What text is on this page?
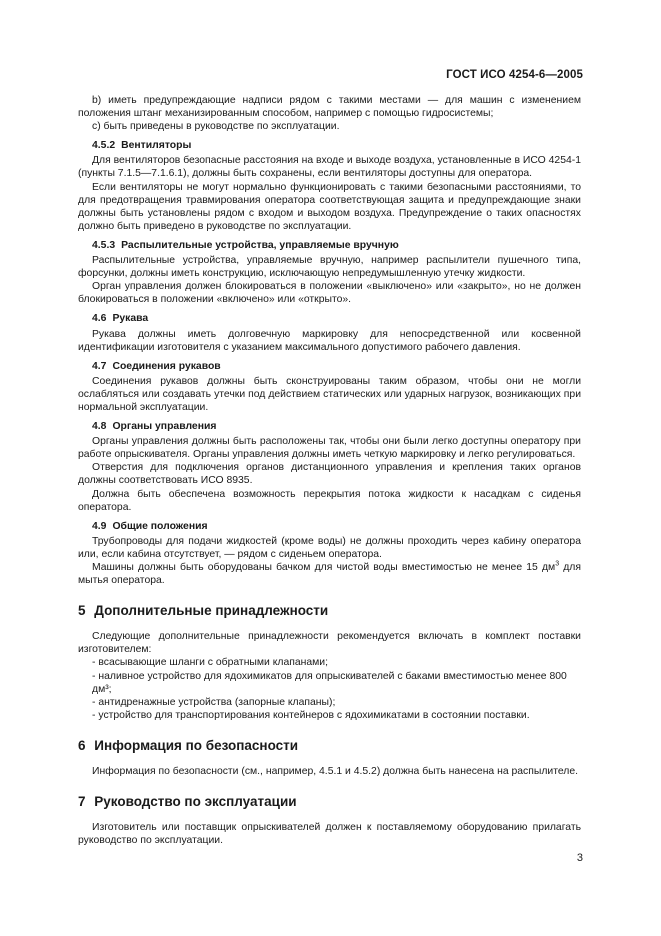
ГОСТ ИСО 4254-6—2005

b) иметь предупреждающие надписи рядом с такими местами — для машин с изменением положения штанг механизированным способом, например с помощью гидросистемы;

с) быть приведены в руководстве по эксплуатации.

4.5.2 Вентиляторы

Для вентиляторов безопасные расстояния на входе и выходе воздуха, установленные в ИСО 4254-1 (пункты 7.1.5—7.1.6.1), должны быть сохранены, если вентиляторы доступны для оператора.

Если вентиляторы не могут нормально функционировать с такими безопасными расстояниями, то для предотвращения травмирования оператора соответствующая защита и предупреждающие знаки должны быть установлены рядом с входом и выходом воздуха. Предупреждение о таких опасностях должно быть приведено в руководстве по эксплуатации.

4.5.3 Распылительные устройства, управляемые вручную

Распылительные устройства, управляемые вручную, например распылители пушечного типа, форсунки, должны иметь конструкцию, исключающую непредумышленную утечку жидкости.

Орган управления должен блокироваться в положении «выключено» или «закрыто», но не должен блокироваться в положении «включено» или «открыто».

4.6 Рукава

Рукава должны иметь долговечную маркировку для непосредственной или косвенной идентификации изготовителя с указанием максимального допустимого рабочего давления.

4.7 Соединения рукавов

Соединения рукавов должны быть сконструированы таким образом, чтобы они не могли ослабляться или создавать утечки под действием статических или ударных нагрузок, возникающих при нормальной эксплуатации.

4.8 Органы управления

Органы управления должны быть расположены так, чтобы они были легко доступны оператору при работе опрыскивателя. Органы управления должны иметь четкую маркировку и легко регулироваться.

Отверстия для подключения органов дистанционного управления и крепления таких органов должны соответствовать ИСО 8935.

Должна быть обеспечена возможность перекрытия потока жидкости к насадкам с сиденья оператора.

4.9 Общие положения

Трубопроводы для подачи жидкостей (кроме воды) не должны проходить через кабину оператора или, если кабина отсутствует, — рядом с сиденьем оператора.

Машины должны быть оборудованы бачком для чистой воды вместимостью не менее 15 $дм^3$ для мытья оператора.

5 Дополнительные принадлежности

Следующие дополнительные принадлежности рекомендуется включать в комплект поставки изготовителем:

- всасывающие шланги с обратными клапанами;
- наливное устройство для ядохимикатов для опрыскивателей с баками вместимостью менее 800 дм³;
- антидренажные устройства (запорные клапаны);
- устройство для транспортирования контейнеров с ядохимикатами в состоянии поставки.
6 Информация по безопасности

Информация по безопасности (см., например, 4.5.1 и 4.5.2) должна быть нанесена на распылителе.

7 Руководство по эксплуатации

Изготовитель или поставщик опрыскивателей должен к поставляемому оборудованию прилагать руководство по эксплуатации.

3
